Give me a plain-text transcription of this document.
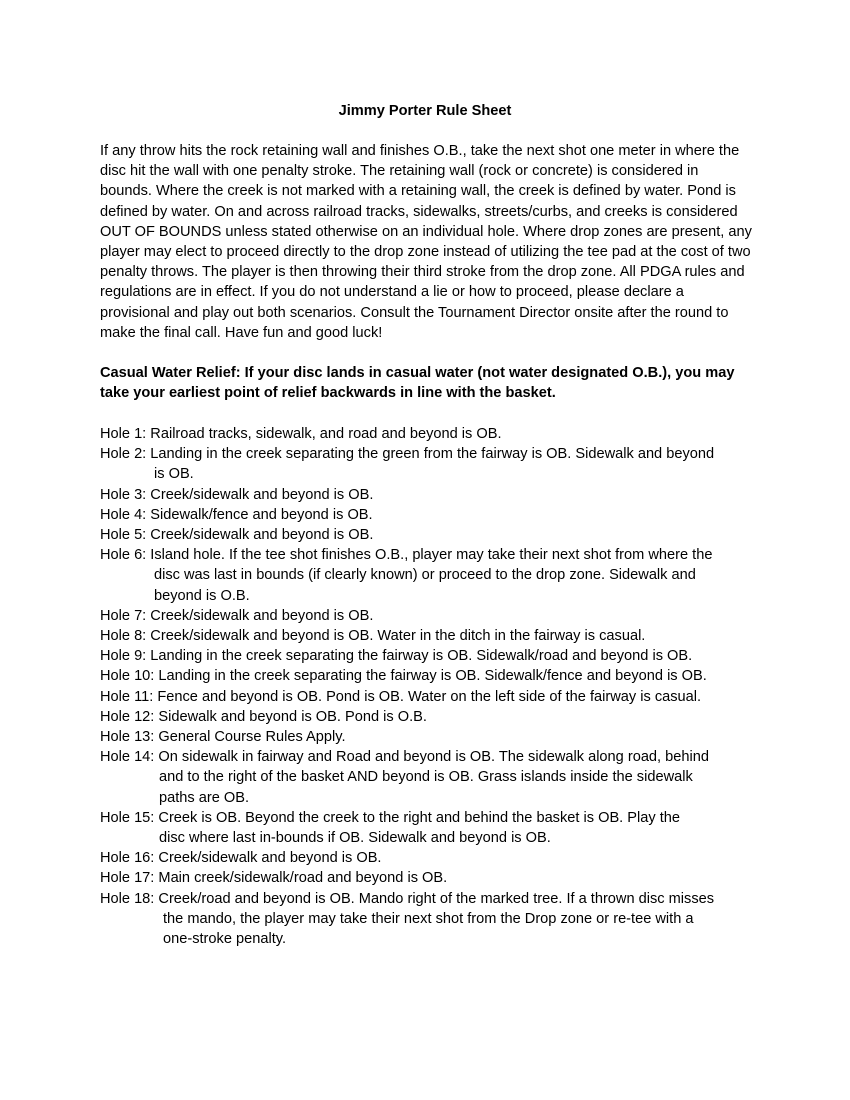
Jimmy Porter Rule Sheet
If any throw hits the rock retaining wall and finishes O.B., take the next shot one meter in where the disc hit the wall with one penalty stroke. The retaining wall (rock or concrete) is considered in bounds. Where the creek is not marked with a retaining wall, the creek is defined by water. Pond is defined by water. On and across railroad tracks, sidewalks, streets/curbs, and creeks is considered OUT OF BOUNDS unless stated otherwise on an individual hole. Where drop zones are present, any player may elect to proceed directly to the drop zone instead of utilizing the tee pad at the cost of two penalty throws. The player is then throwing their third stroke from the drop zone. All PDGA rules and regulations are in effect. If you do not understand a lie or how to proceed, please declare a provisional and play out both scenarios. Consult the Tournament Director onsite after the round to make the final call. Have fun and good luck!
Casual Water Relief: If your disc lands in casual water (not water designated O.B.), you may take your earliest point of relief backwards in line with the basket.
Hole 1: Railroad tracks, sidewalk, and road and beyond is OB.
Hole 2: Landing in the creek separating the green from the fairway is OB. Sidewalk and beyond
is OB.
Hole 3: Creek/sidewalk and beyond is OB.
Hole 4: Sidewalk/fence and beyond is OB.
Hole 5: Creek/sidewalk and beyond is OB.
Hole 6: Island hole. If the tee shot finishes O.B., player may take their next shot from where the
disc was last in bounds (if clearly known) or proceed to the drop zone. Sidewalk and
beyond is O.B.
Hole 7: Creek/sidewalk and beyond is OB.
Hole 8: Creek/sidewalk and beyond is OB. Water in the ditch in the fairway is casual.
Hole 9: Landing in the creek separating the fairway is OB. Sidewalk/road and beyond is OB.
Hole 10: Landing in the creek separating the fairway is OB. Sidewalk/fence and beyond is OB.
Hole 11: Fence and beyond is OB. Pond is OB. Water on the left side of the fairway is casual.
Hole 12: Sidewalk and beyond is OB. Pond is O.B.
Hole 13: General Course Rules Apply.
Hole 14: On sidewalk in fairway and Road and beyond is OB. The sidewalk along road, behind
and to the right of the basket AND beyond is OB. Grass islands inside the sidewalk
paths are OB.
Hole 15: Creek is OB. Beyond the creek to the right and behind the basket is OB. Play the
disc where last in-bounds if OB. Sidewalk and beyond is OB.
Hole 16: Creek/sidewalk and beyond is OB.
Hole 17: Main creek/sidewalk/road and beyond is OB.
Hole 18: Creek/road and beyond is OB. Mando right of the marked tree. If a thrown disc misses
the mando, the player may take their next shot from the Drop zone or re-tee with a
one-stroke penalty.
